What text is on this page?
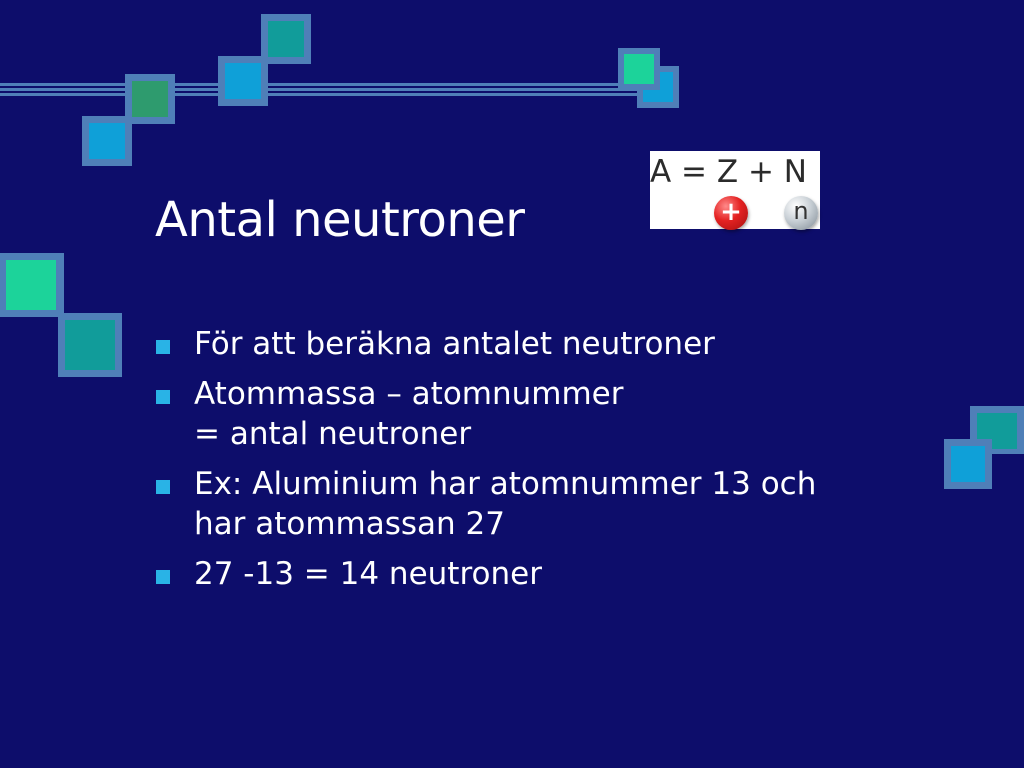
Antal neutroner
A = Z + N
+	n
För att beräkna antalet neutroner
Atommassa – atomnummer
= antal neutroner
Ex: Aluminium har atomnummer 13 och
har atommassan 27
27 -13 = 14 neutroner
